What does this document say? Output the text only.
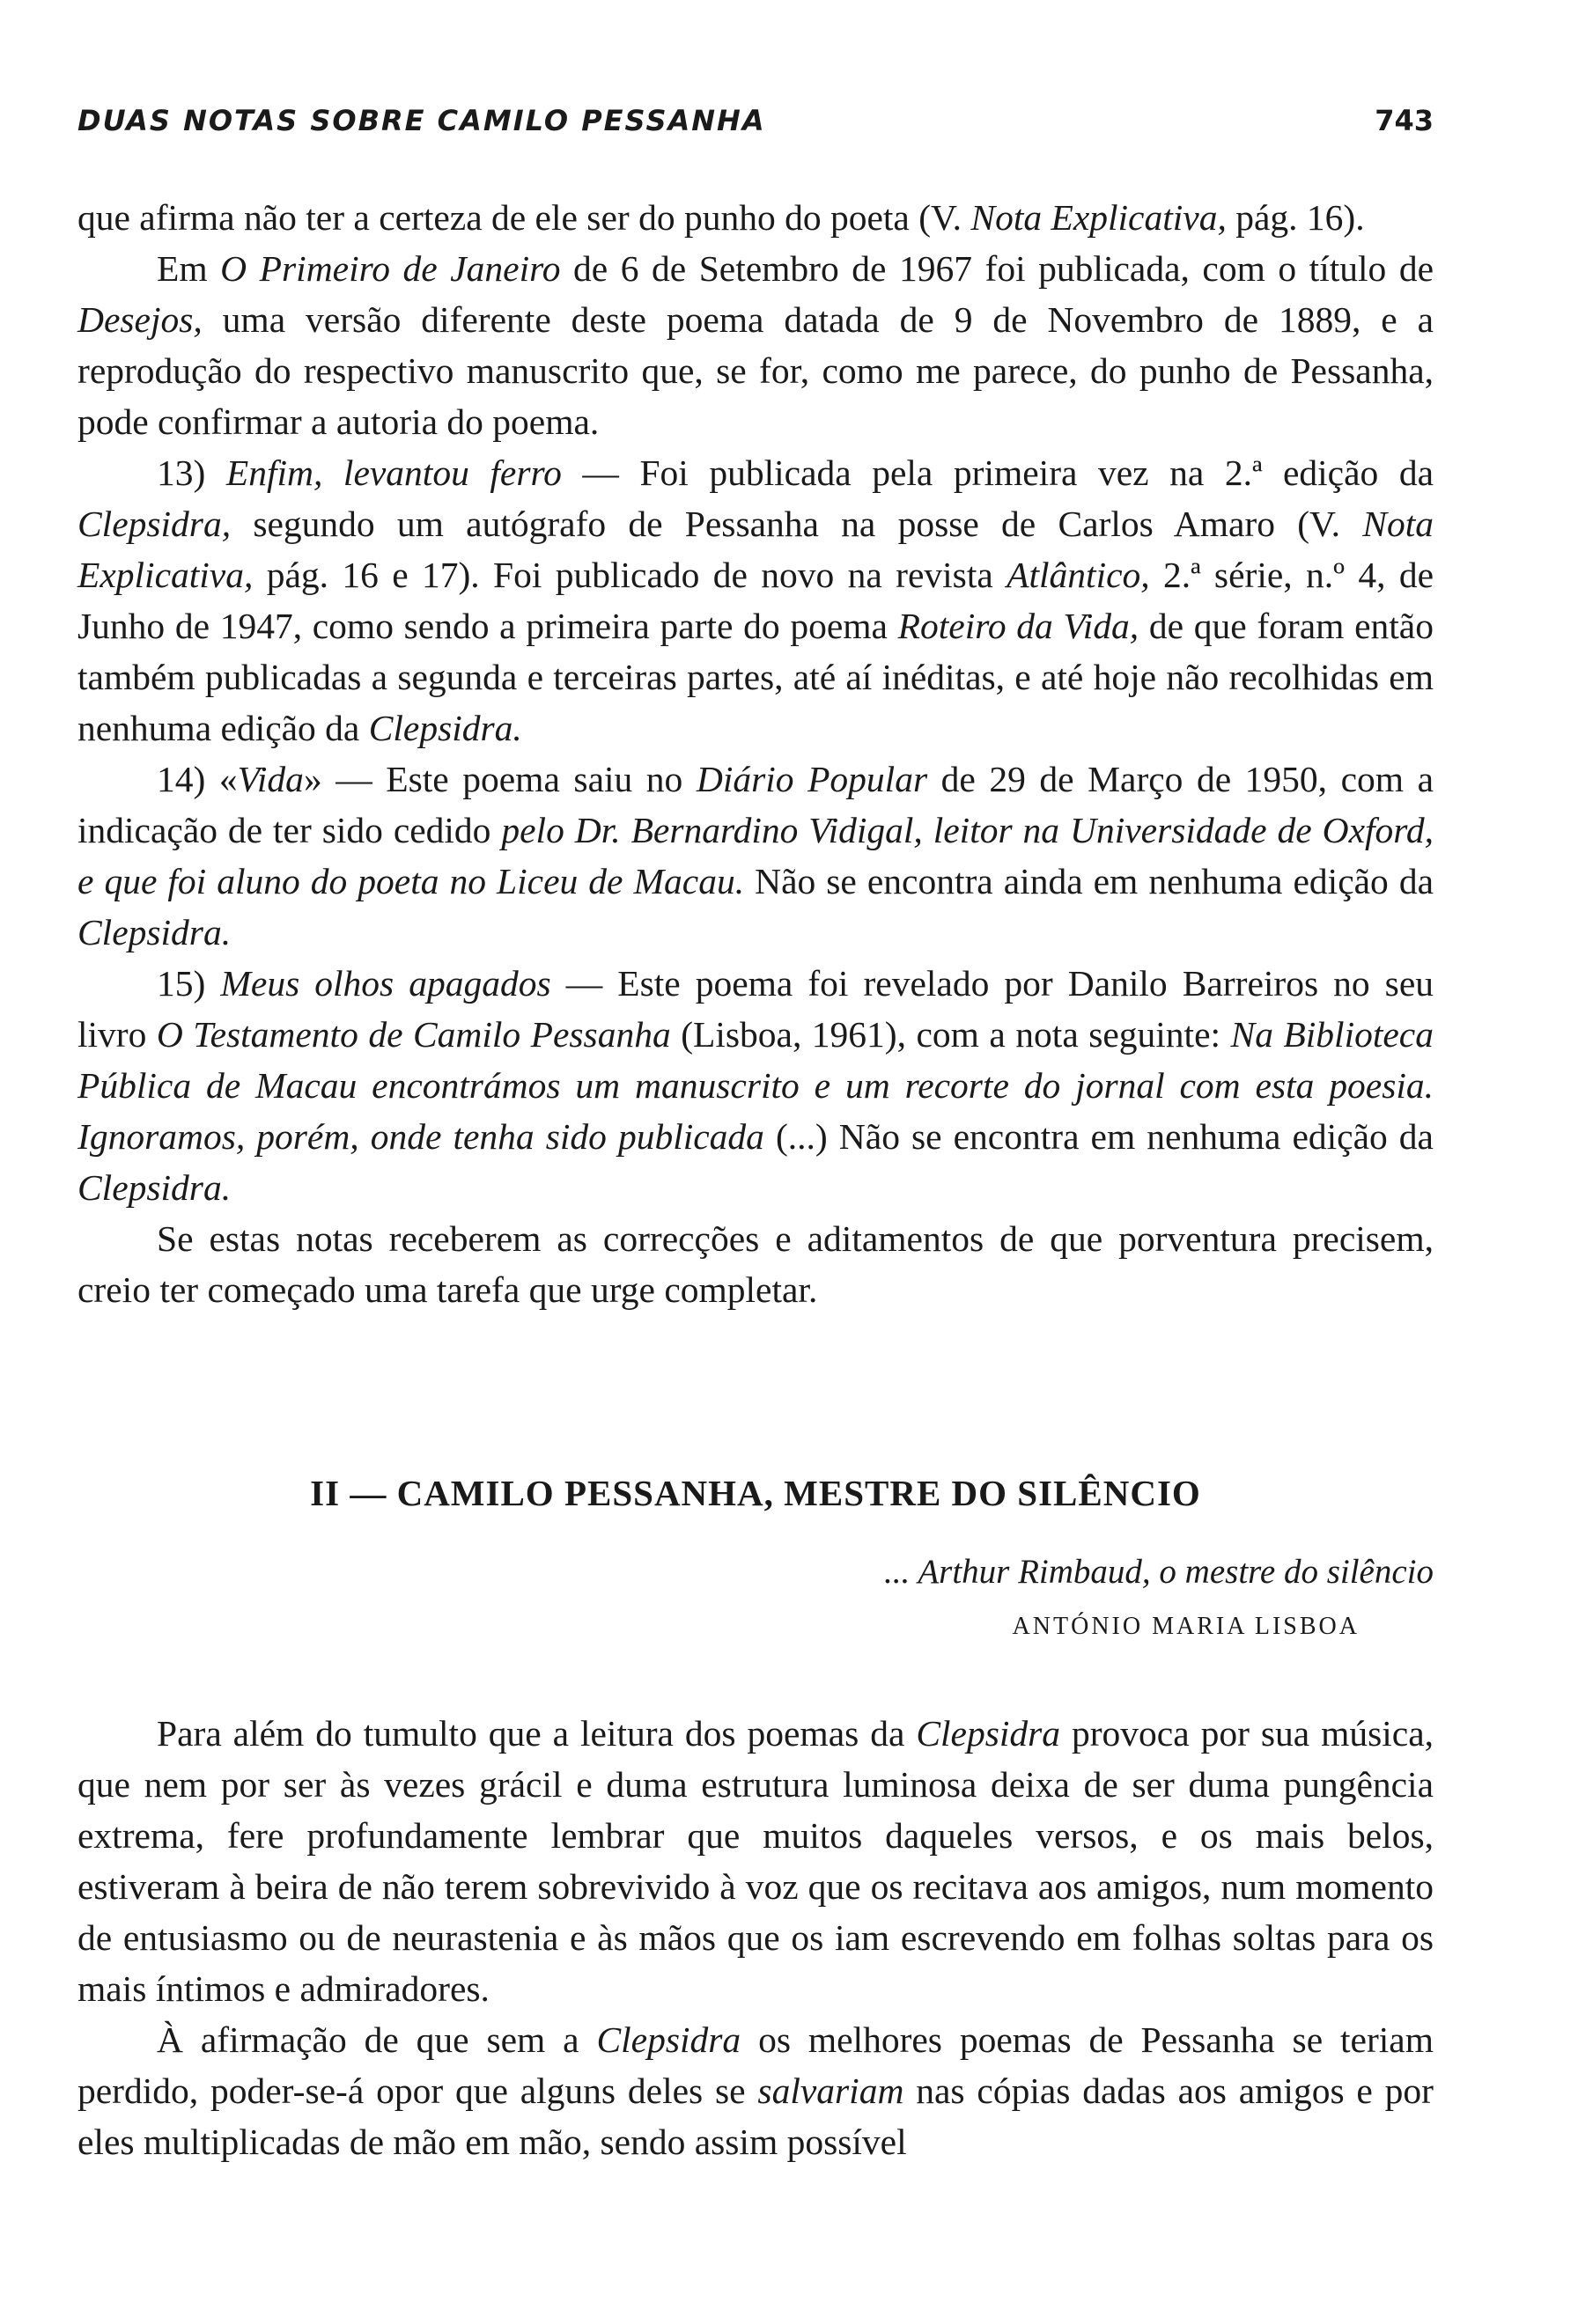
DUAS NOTAS SOBRE CAMILO PESSANHA	743

que afirma não ter a certeza de ele ser do punho do poeta (V. Nota Explicativa, pág. 16).

Em O Primeiro de Janeiro de 6 de Setembro de 1967 foi publicada, com o título de Desejos, uma versão diferente deste poema datada de 9 de Novembro de 1889, e a reprodução do respectivo manuscrito que, se for, como me parece, do punho de Pessanha, pode confirmar a autoria do poema.

13) Enfim, levantou ferro — Foi publicada pela primeira vez na 2.ª edição da Clepsidra, segundo um autógrafo de Pessanha na posse de Carlos Amaro (V. Nota Explicativa, pág. 16 e 17). Foi publicado de novo na revista Atlântico, 2.ª série, n.º 4, de Junho de 1947, como sendo a primeira parte do poema Roteiro da Vida, de que foram então também publicadas a segunda e terceiras partes, até aí inéditas, e até hoje não recolhidas em nenhuma edição da Clepsidra.

14) «Vida» — Este poema saiu no Diário Popular de 29 de Março de 1950, com a indicação de ter sido cedido pelo Dr. Bernardino Vidigal, leitor na Universidade de Oxford, e que foi aluno do poeta no Liceu de Macau. Não se encontra ainda em nenhuma edição da Clepsidra.

15) Meus olhos apagados — Este poema foi revelado por Danilo Barreiros no seu livro O Testamento de Camilo Pessanha (Lisboa, 1961), com a nota seguinte: Na Biblioteca Pública de Macau encontrámos um manuscrito e um recorte do jornal com esta poesia. Ignoramos, porém, onde tenha sido publicada (...) Não se encontra em nenhuma edição da Clepsidra.

Se estas notas receberem as correcções e aditamentos de que porventura precisem, creio ter começado uma tarefa que urge completar.

II — CAMILO PESSANHA, MESTRE DO SILÊNCIO
... Arthur Rimbaud, o mestre do silêncio
ANTÓNIO MARIA LISBOA

Para além do tumulto que a leitura dos poemas da Clepsidra provoca por sua música, que nem por ser às vezes grácil e duma estrutura luminosa deixa de ser duma pungência extrema, fere profundamente lembrar que muitos daqueles versos, e os mais belos, estiveram à beira de não terem sobrevivido à voz que os recitava aos amigos, num momento de entusiasmo ou de neurastenia e às mãos que os iam escrevendo em folhas soltas para os mais íntimos e admiradores.

À afirmação de que sem a Clepsidra os melhores poemas de Pessanha se teriam perdido, poder-se-á opor que alguns deles se salvariam nas cópias dadas aos amigos e por eles multiplicadas de mão em mão, sendo assim possível
